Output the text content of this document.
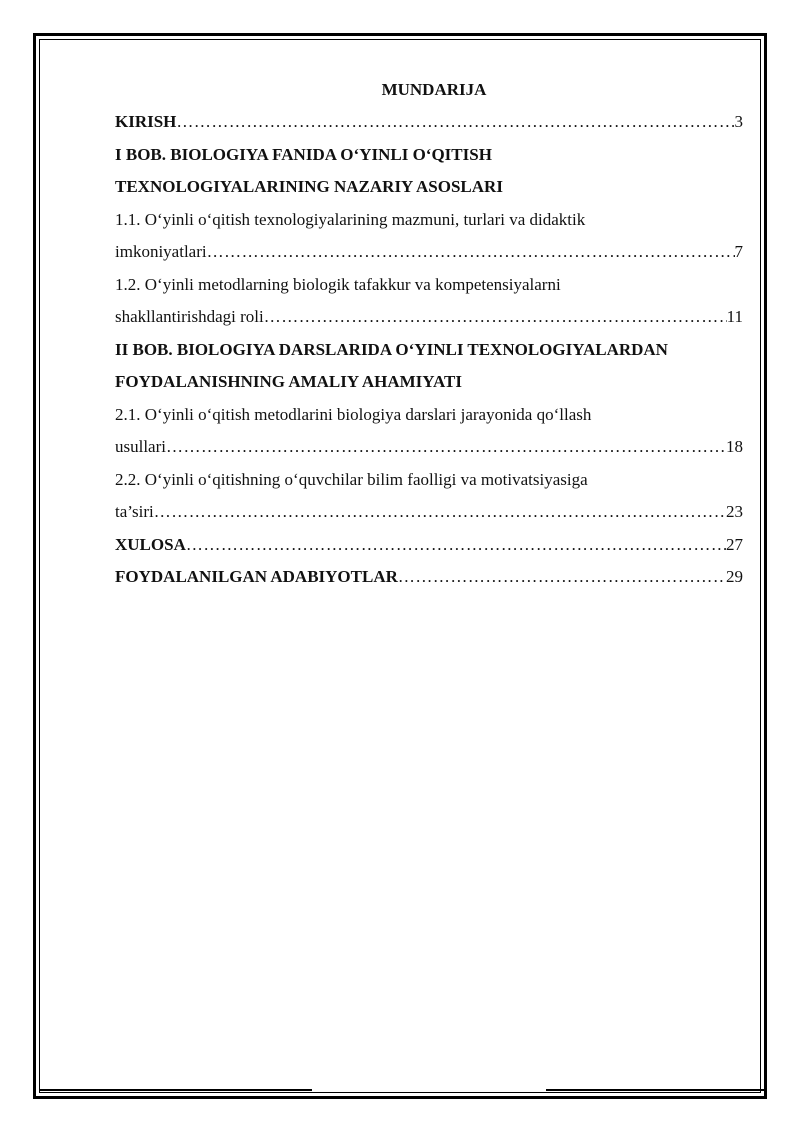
MUNDARIJA
KIRISH ………………………………………………………………………………………………………………………………………………………………	3
I BOB. BIOLOGIYA FANIDA O‘YINLI O‘QITISH
TEXNOLOGIYALARINING NAZARIY ASOSLARI
1.1. O‘yinli o‘qitish texnologiyalarining mazmuni, turlari va didaktik
imkoniyatlari ………………………………………………………………………………………………………………………………………………………………	7
1.2. O‘yinli metodlarning biologik tafakkur va kompetensiyalarni
shakllantirishdagi roli ………………………………………………………………………………………………………………………………………………………………	11
II BOB. BIOLOGIYA DARSLARIDA O‘YINLI TEXNOLOGIYALARDAN
FOYDALANISHNING AMALIY AHAMIYATI
2.1. O‘yinli o‘qitish metodlarini biologiya darslari jarayonida qo‘llash
usullari ………………………………………………………………………………………………………………………………………………………………	18
2.2. O‘yinli o‘qitishning o‘quvchilar bilim faolligi va motivatsiyasiga
ta’siri ………………………………………………………………………………………………………………………………………………………………	23
XULOSA ………………………………………………………………………………………………………………………………………………………………	27
FOYDALANILGAN ADABIYOTLAR ………………………………………………………………………………………………………………………………………………………………	29
